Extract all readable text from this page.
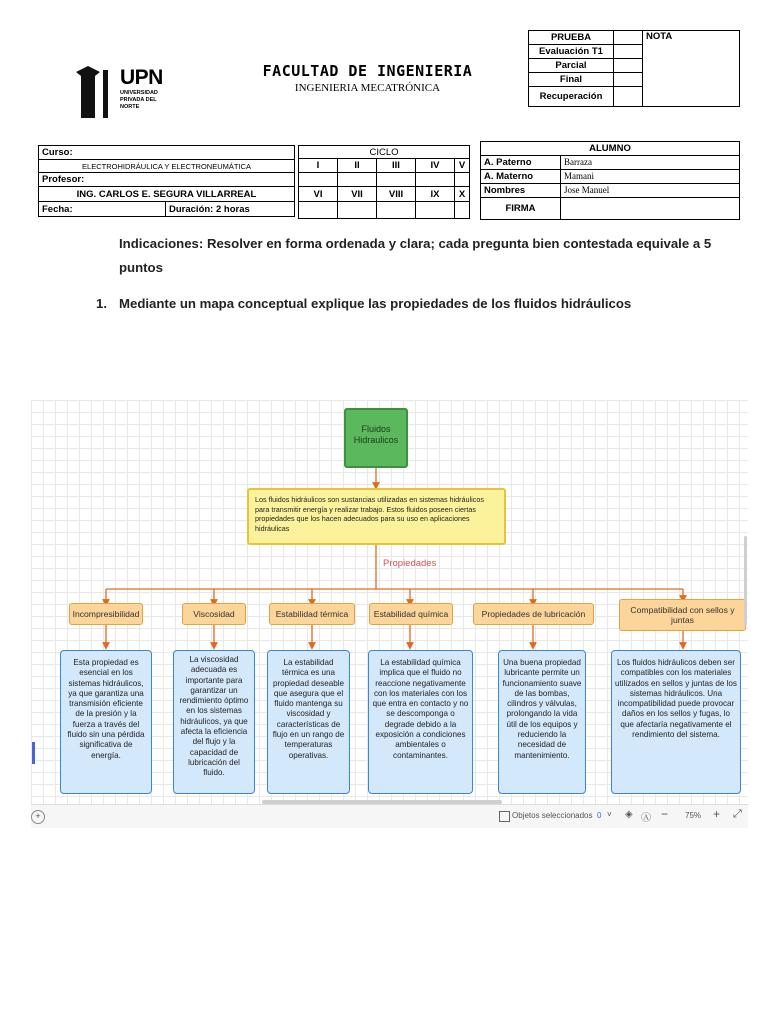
UPN
UNIVERSIDAD PRIVADA DEL NORTE
FACULTAD DE INGENIERIA
INGENIERIA MECATRÓNICA
PRUEBA		NOTA
Evaluación T1		
Parcial		
Final		
Recuperación		
Curso:
ELECTROHIDRÁULICA Y ELECTRONEUMÁTICA
Profesor:
ING. CARLOS E. SEGURA VILLARREAL
Fecha:	Duración: 2 horas
CICLO				
I	II	III	IV	V

VI	VII	VIII	IX	X

ALUMNO	
A. Paterno	Barraza
A. Materno	Mamani
Nombres	Jose Manuel
FIRMA	
Indicaciones: Resolver en forma ordenada y clara; cada pregunta bien contestada equivale a 5 puntos
1. Mediante un mapa conceptual explique las propiedades de los fluidos hidráulicos
Fluidos Hidraulicos
Los fluidos hidráulicos son sustancias utilizadas en sistemas hidráulicos para transmitir energía y realizar trabajo. Estos fluidos poseen ciertas propiedades que los hacen adecuados para su uso en aplicaciones hidráulicas
Propiedades
Incompresibilidad	Viscosidad	Estabilidad térmica	Estabilidad química	Propiedades de lubricación	Compatibilidad con sellos y juntas
Esta propiedad es esencial en los sistemas hidráulicos, ya que garantiza una transmisión eficiente de la presión y la fuerza a través del fluido sin una pérdida significativa de energía.
La viscosidad adecuada es importante para garantizar un rendimiento óptimo en los sistemas hidráulicos, ya que afecta la eficiencia del flujo y la capacidad de lubricación del fluido.
La estabilidad térmica es una propiedad deseable que asegura que el fluido mantenga su viscosidad y características de flujo en un rango de temperaturas operativas.
La estabilidad química implica que el fluido no reaccione negativamente con los materiales con los que entra en contacto y no se descomponga o degrade debido a la exposición a condiciones ambientales o contaminantes.
Una buena propiedad lubricante permite un funcionamiento suave de las bombas, cilindros y válvulas, prolongando la vida útil de los equipos y reduciendo la necesidad de mantenimiento.
Los fluidos hidráulicos deben ser compatibles con los materiales utilizados en sellos y juntas de los sistemas hidráulicos. Una incompatibilidad puede provocar daños en los sellos y fugas, lo que afectaría negativamente el rendimiento del sistema.
+	Objetos seleccionados 0 ˅ ◈ Ⓐ − 75% + ⤢
